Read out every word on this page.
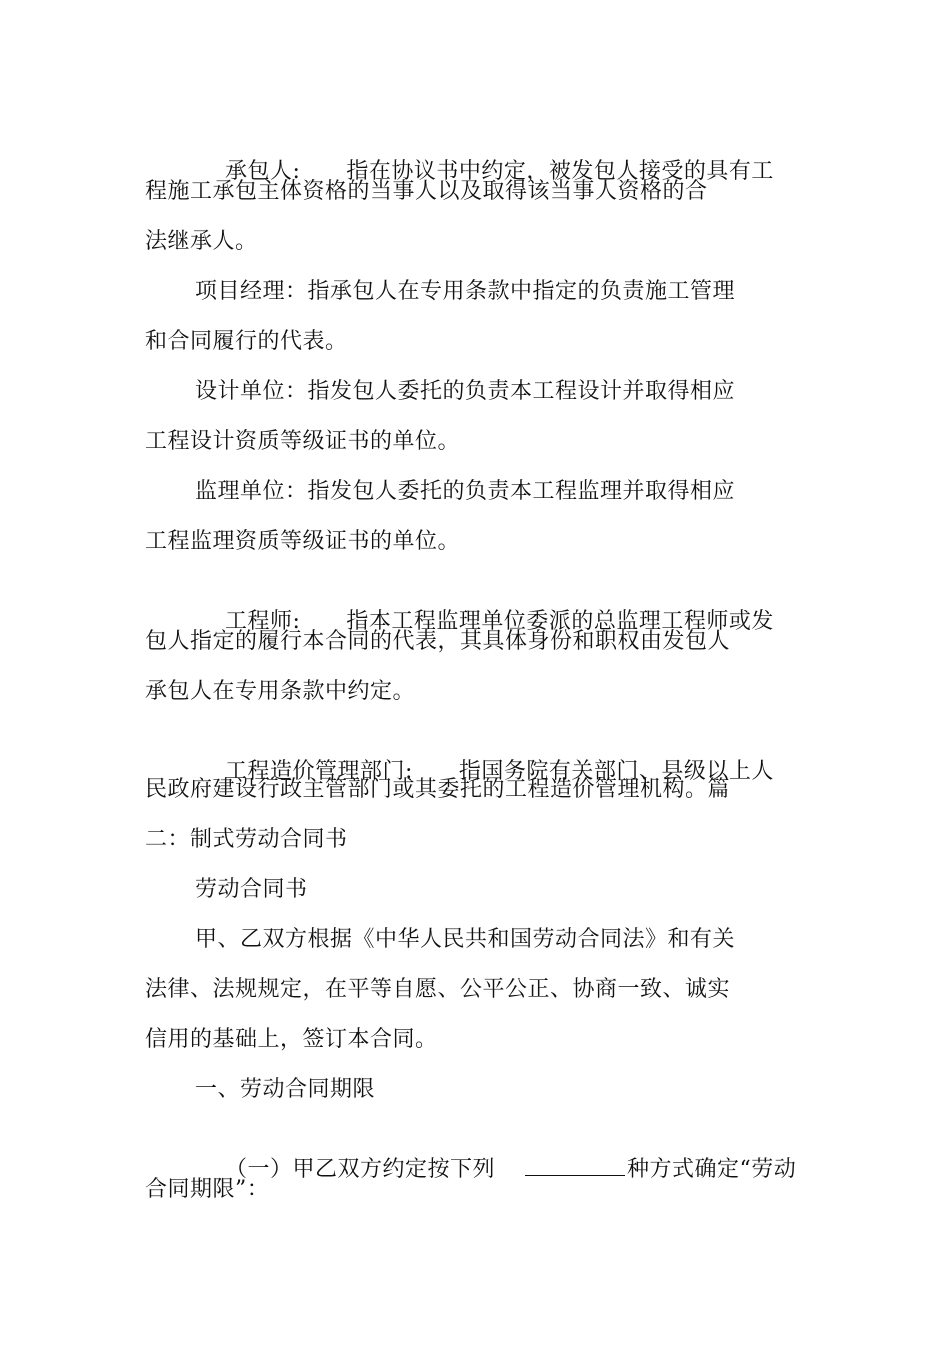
承包人: 指在协议书中约定，被发包人接受的具有工

程施工承包主体资格的当事人以及取得该当事人资格的合
法继承人。
项目经理：指承包人在专用条款中指定的负责施工管理
和合同履行的代表。
设计单位：指发包人委托的负责本工程设计并取得相应
工程设计资质等级证书的单位。
监理单位：指发包人委托的负责本工程监理并取得相应
工程监理资质等级证书的单位。

工程师: 指本工程监理单位委派的总监理工程师或发

包人指定的履行本合同的代表，其具体身份和职权由发包人
承包人在专用条款中约定。

工程造价管理部门: 指国务院有关部门、县级以上人

民政府建设行政主管部门或其委托的工程造价管理机构。篇
二：制式劳动合同书
劳动合同书
甲、乙双方根据《中华人民共和国劳动合同法》和有关
法律、法规规定，在平等自愿、公平公正、协商一致、诚实
信用的基础上，签订本合同。
一、劳动合同期限

（一）甲乙双方约定按下列	种方式确定“劳动

合同期限”：
